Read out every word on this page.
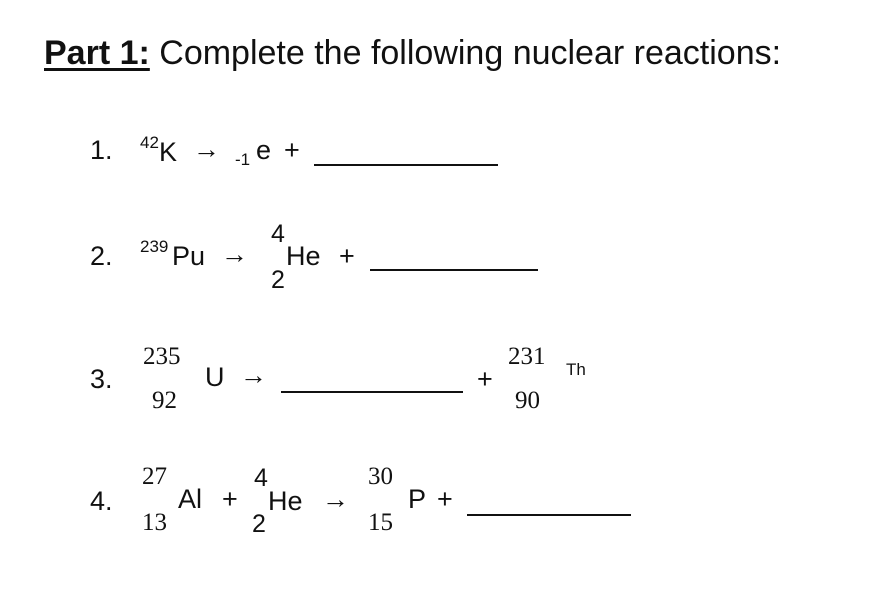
Part 1: Complete the following nuclear reactions:
1. 42 K → -1 e +
2. 239 Pu →
4
2
He +
3.
235
92
U →	+
231
90
Th
4.
27
13
Al +
4
2
He →
30
15
P +
